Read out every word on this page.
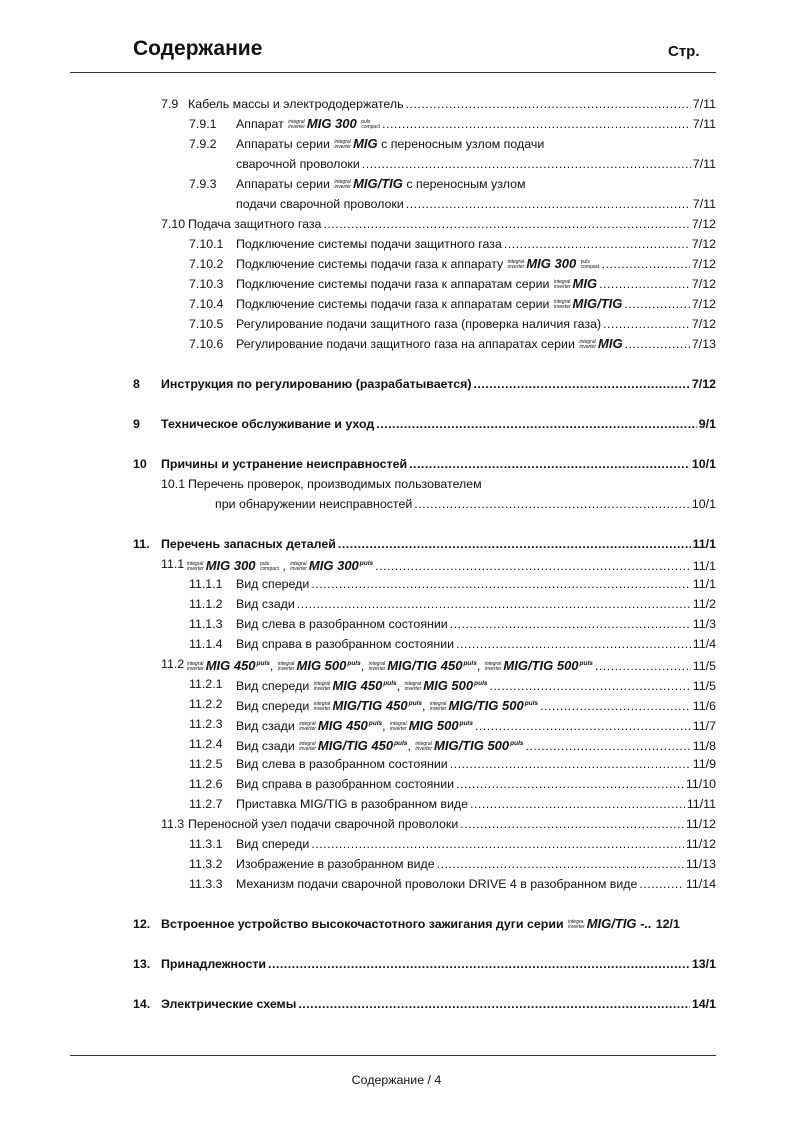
Содержание	Стр.
7.9 Кабель массы и электрододержатель .....	7/11
7.9.1 Аппарат integral
inverter MIG 300 puls
compact .....	7/11
7.9.2 Аппараты серии integral
inverter MIG с переносным узлом подачи
сварочной проволоки .....	7/11
7.9.3 Аппараты серии integral
inverter MIG/TIG с переносным узлом
подачи сварочной проволоки .....	7/11
7.10 Подача защитного газа .....	7/12
7.10.1 Подключение системы подачи защитного газа .....	7/12
7.10.2 Подключение системы подачи газа к аппарату integral
inverter MIG 300 puls
compact .....	7/12
7.10.3 Подключение системы подачи газа к аппаратам серии integral
inverter MIG .....	7/12
7.10.4 Подключение системы подачи газа к аппаратам серии integral
inverter MIG/TIG .....	7/12
7.10.5 Регулирование подачи защитного газа (проверка наличия газа) .....	7/12
7.10.6 Регулирование подачи защитного газа на аппаратах серии integral
inverter MIG .....	7/13
8 Инструкция по регулированию (разрабатывается) .....	7/12
9 Техническое обслуживание и уход .....	9/1
10 Причины и устранение неисправностей .....	10/1
10.1 Перечень проверок, производимых пользователем
при обнаружении неисправностей .....	10/1
11. Перечень запасных деталей .....	11/1
11.1 integral
inverter MIG 300 puls
compact , integral
inverter MIG $300^{puls}$ .....	11/1
11.1.1 Вид спереди .....	11/1
11.1.2 Вид сзади .....	11/2
11.1.3 Вид слева в разобранном состоянии .....	11/3
11.1.4 Вид справа в разобранном состоянии .....	11/4
11.2 integral
inverter MIG $450^{puls}$, integral
inverter MIG $500^{puls}$, integral
inverter MIG/TIG $450^{puls}$, integral
inverter MIG/TIG $500^{puls}$ .....	11/5
11.2.1 Вид спереди integral
inverter MIG $450^{puls}$, integral
inverter MIG $500^{puls}$ .....	11/5
11.2.2 Вид спереди integral
inverter MIG/TIG $450^{puls}$, integral
inverter MIG/TIG $500^{puls}$ .....	11/6
11.2.3 Вид сзади integral
inverter MIG $450^{puls}$, integral
inverter MIG $500^{puls}$ .....	11/7
11.2.4 Вид сзади integral
inverter MIG/TIG $450^{puls}$, integral
inverter MIG/TIG $500^{puls}$ .....	11/8
11.2.5 Вид слева в разобранном состоянии .....	11/9
11.2.6 Вид справа в разобранном состоянии .....	11/10
11.2.7 Приставка MIG/TIG в разобранном виде .....	11/11
11.3 Переносной узел подачи сварочной проволоки .....	11/12
11.3.1 Вид спереди .....	11/12
11.3.2 Изображение в разобранном виде .....	11/13
11.3.3 Механизм подачи сварочной проволоки DRIVE 4 в разобранном виде .....	11/14
12. Встроенное устройство высокочастотного зажигания дуги серии integra
inverter MIG/TIG -.. 12/1
13. Принадлежности .....	13/1
14. Электрические схемы .....	14/1
Содержание / 4
